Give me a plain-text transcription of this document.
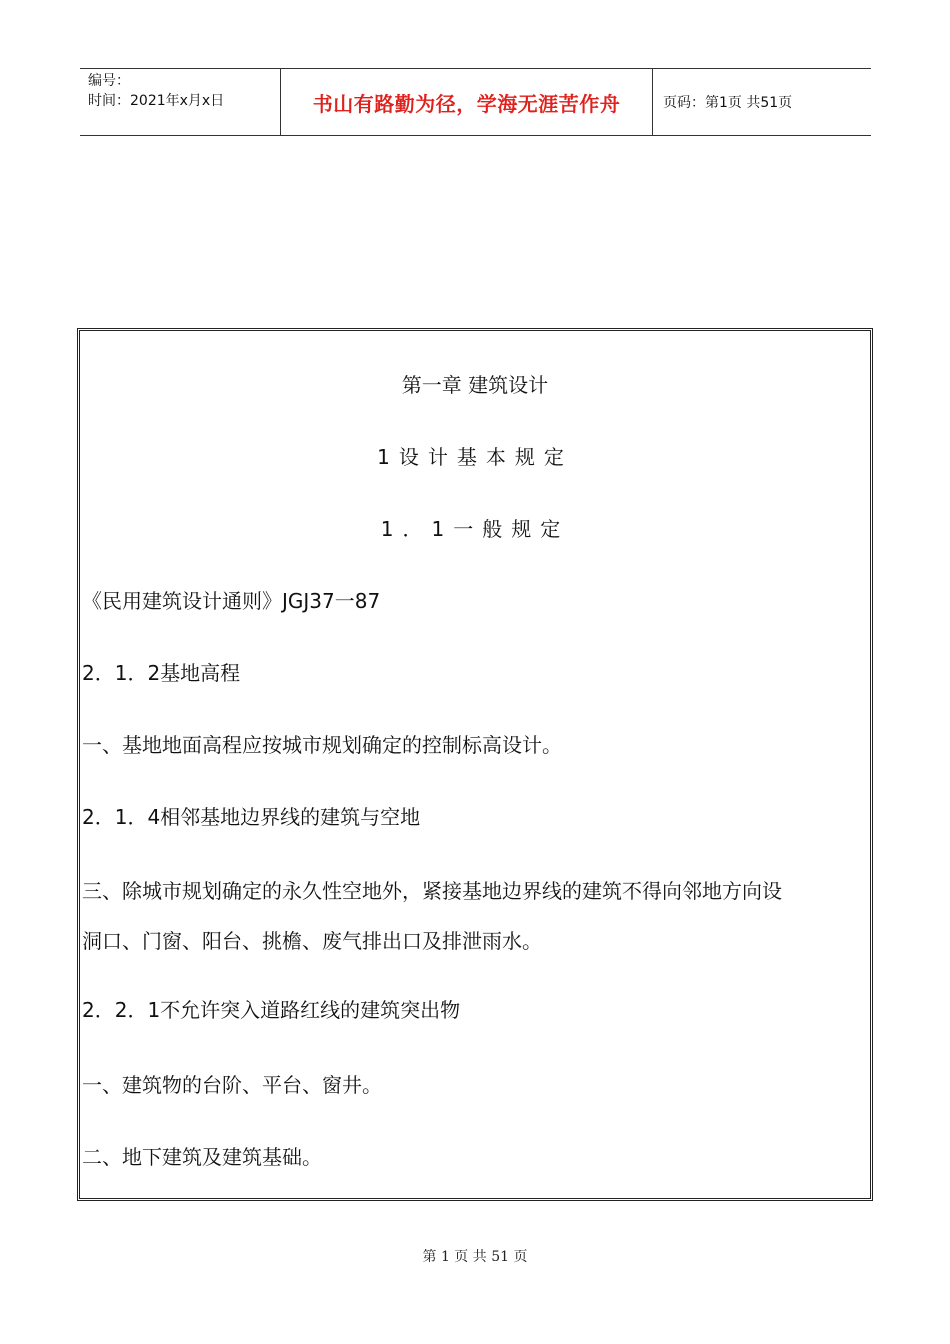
编号：
时间：2021年x月x日	书山有路勤为径，学海无涯苦作舟	页码：第1页 共51页
第一章 建筑设计
1设计基本规定
1．1一般规定
《民用建筑设计通则》JGJ37一87
2．1．2基地高程
一、基地地面高程应按城市规划确定的控制标高设计。
2．1．4相邻基地边界线的建筑与空地
三、除城市规划确定的永久性空地外，紧接基地边界线的建筑不得向邻地方向设
洞口、门窗、阳台、挑檐、废气排出口及排泄雨水。
2．2．1不允许突入道路红线的建筑突出物
一、建筑物的台阶、平台、窗井。
二、地下建筑及建筑基础。
第 1 页 共 51 页
